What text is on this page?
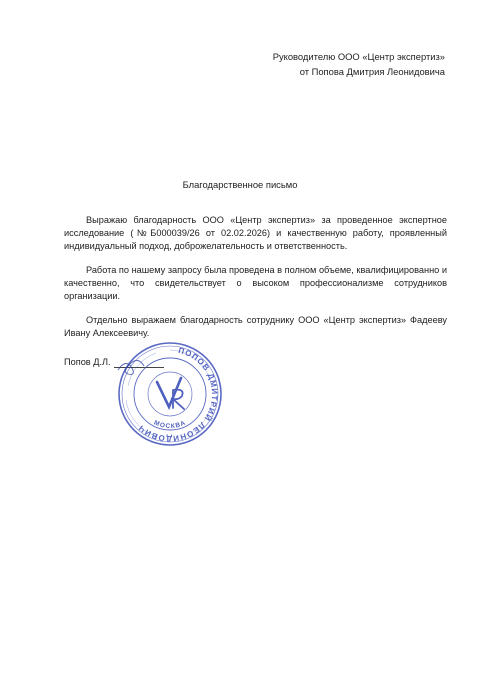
Руководителю ООО «Центр экспертиз»
от Попова Дмитрия Леонидовича
Благодарственное письмо

Выражаю благодарность ООО «Центр экспертиз» за проведенное экспертное исследование (№Б000039/26 от 02.02.2026) и качественную работу, проявленный индивидуальный подход, доброжелательность и ответственность.

Работа по нашему запросу была проведена в полном объеме, квалифицированно и качественно, что свидетельствует о высоком профессионализме сотрудников организации.

Отдельно выражаем благодарность сотруднику ООО «Центр экспертиз» Фадееву Ивану Алексеевичу.

Попов Д.Л.
ПОПОВ ДМИТРИЙ ЛЕОНИДОВИЧ МОСКВА
